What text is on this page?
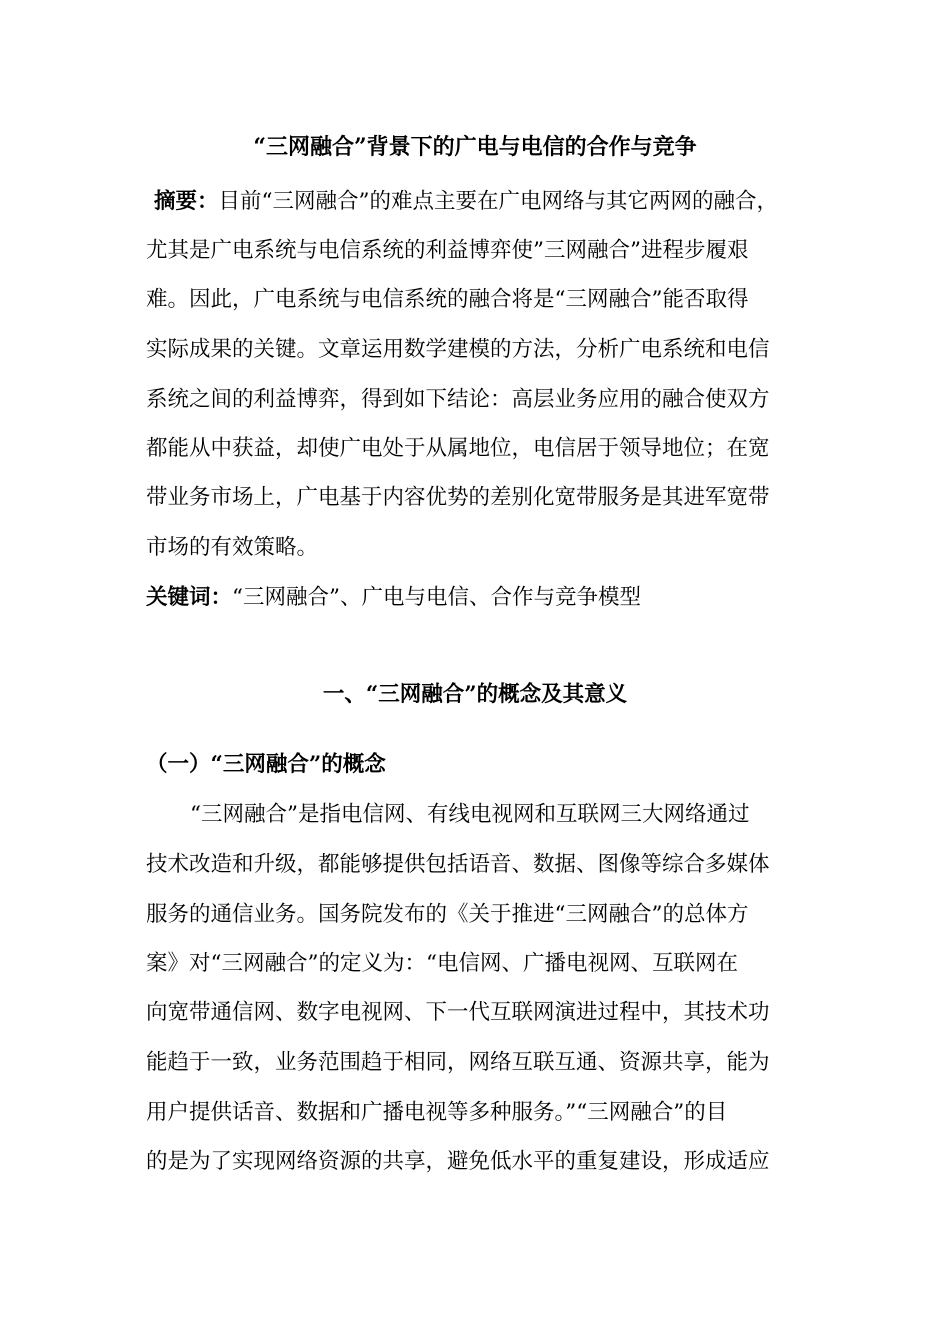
“三网融合”背景下的广电与电信的合作与竞争
摘要：目前“三网融合”的难点主要在广电网络与其它两网的融合，
尤其是广电系统与电信系统的利益博弈使”三网融合”进程步履艰
难。因此，广电系统与电信系统的融合将是“三网融合”能否取得
实际成果的关键。文章运用数学建模的方法，分析广电系统和电信
系统之间的利益博弈，得到如下结论：高层业务应用的融合使双方
都能从中获益，却使广电处于从属地位，电信居于领导地位；在宽
带业务市场上，广电基于内容优势的差别化宽带服务是其进军宽带
市场的有效策略。
关键词：“三网融合”、广电与电信、合作与竞争模型
一、“三网融合”的概念及其意义
（一）“三网融合”的概念
“三网融合”是指电信网、有线电视网和互联网三大网络通过
技术改造和升级，都能够提供包括语音、数据、图像等综合多媒体
服务的通信业务。国务院发布的《关于推进“三网融合”的总体方
案》对“三网融合”的定义为：“电信网、广播电视网、互联网在
向宽带通信网、数字电视网、下一代互联网演进过程中，其技术功
能趋于一致，业务范围趋于相同，网络互联互通、资源共享，能为
用户提供话音、数据和广播电视等多种服务。”“三网融合”的目
的是为了实现网络资源的共享，避免低水平的重复建设，形成适应
